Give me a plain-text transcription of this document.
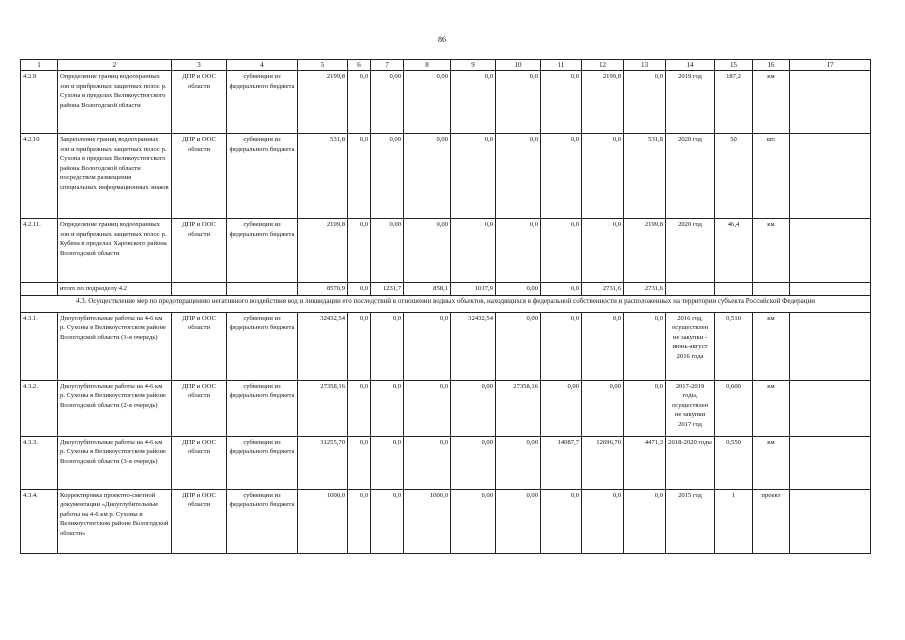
86
1	2	3	4	5	6	7	8	9	10	11	12	13	14	15	16	17
4.2.9	Определение границ водоохранных зон и прибрежных защитных полос р. Сухона в пределах Великоустюгского района Вологодской области	ДПР и ООС области	субвенции из федерального бюджета	2199,8	0,0	0,00	0,00	0,0	0,0	0,0	2199,8	0,0	2019 год	187,2	км	
4.2.10	Закрепление границ водоохранных зон и прибрежных защитных полос р. Сухона в пределах Великоустюгского района Вологодской области посредством размещения специальных информационных знаков	ДПР и ООС области	субвенции из федерального бюджета	531,8	0,0	0,00	0,00	0,0	0,0	0,0	0,0	531,8	2020 год	50	шт.	
4.2.11.	Определение границ водоохранных зон и прибрежных защитных полос р. Кубена в пределах Харовского района Вологодской области	ДПР и ООС области	субвенции из федерального бюджета	2199,8	0,0	0,00	0,00	0,0	0,0	0,0	0,0	2199,8	2020 год	46,4	км	
	итого по подразделу 4.2			8570,9	0,0	1231,7	858,1	1017,9	0,00	0,0	2731,6	2731,6				
4.3. Осуществление мер по предотвращению негативного воздействия вод и ликвидации его последствий в отношении водных объектов, находящихся в федеральной собственности и расположенных на территории субъекта Российской Федерации																
4.3.1.	Дноуглубительные работы на 4-6 км р. Сухоны в Великоустюгском районе Вологодской области (1-я очередь)	ДПР и ООС области	субвенции из федерального бюджета	32432,54	0,0	0,0	0,0	32432,54	0,00	0,0	0,0	0,0	2016 год, осуществлен не закупки - июнь-август 2016 года	0,510	км	
4.3.2.	Дноуглубительные работы на 4-6 км р. Сухоны в Великоустюгском районе Вологодской области (2-я очередь)	ДПР и ООС области	субвенции из федерального бюджета	27358,16	0,0	0,0	0,0	0,00	27358,16	0,00	0,00	0,0	2017-2019 годы, осуществлен не закупки 2017 год	0,600	км	
4.3.3.	Дноуглубительные работы на 4-6 км р. Сухоны в Великоустюгском районе Вологодской области (3-я очередь)	ДПР и ООС области	субвенции из федерального бюджета	31255,70	0,0	0,0	0,0	0,00	0,00	14087,7	12696,70	4471,3	2018-2020 годы	0,550	км	
4.3.4.	Корректировка проектно-сметной документации «Дноуглубительные работы на 4-6 км р. Сухоны в Великоустюгском районе Вологодской области»	ДПР и ООС области	субвенции из федерального бюджета	1000,0	0,0	0,0	1000,0	0,00	0,00	0,0	0,0	0,0	2015 год	1	проект	
